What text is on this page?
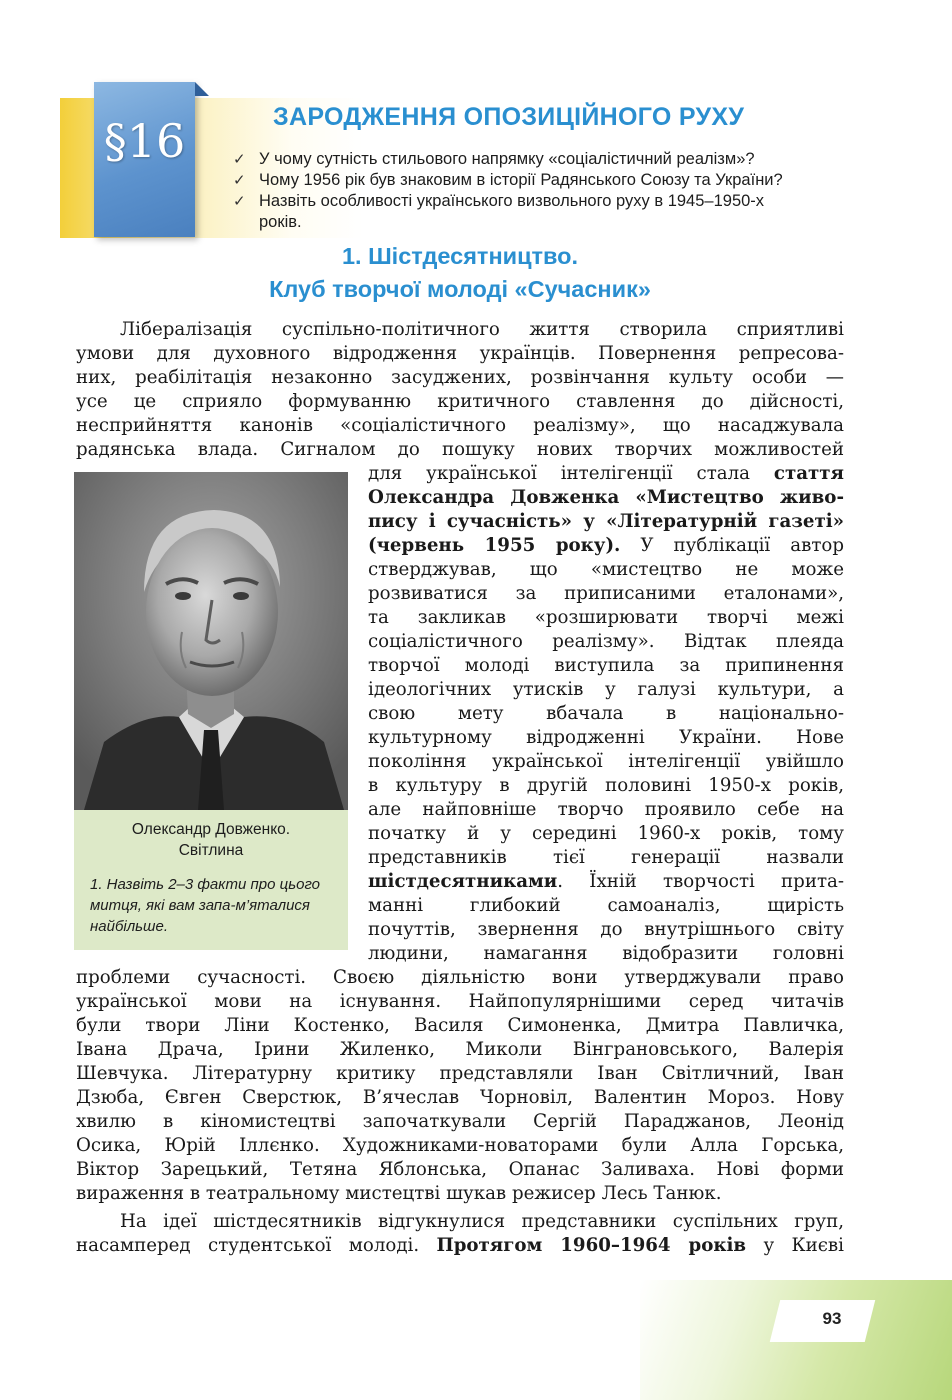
§16	ЗАРОДЖЕННЯ ОПОЗИЦІЙНОГО РУХУ
✓ У чому сутність стильового напрямку «соціалістичний реалізм»?
✓ Чому 1956 рік був знаковим в історії Радянського Союзу та України?
✓ Назвіть особливості українського визвольного руху в 1945–1950-х
років.
1. Шістдесятництво.
Клуб творчої молоді «Сучасник»
Лібералізація суспільно-політичного життя створила сприятливі
умови для духовного відродження українців. Повернення репресова-
них, реабілітація незаконно засуджених, розвінчання культу особи —
усе це сприяло формуванню критичного ставлення до дійсності,
несприйняття канонів «соціалістичного реалізму», що насаджувала
радянська влада. Сигналом до пошуку нових творчих можливостей
для української інтелігенції стала стаття
Олександра Довженка «Мистецтво живо-
пису і сучасність» у «Літературній газеті»
(червень 1955 року). У публікації автор
стверджував, що «мистецтво не може
розвиватися за приписаними еталонами»,
та закликав «розширювати творчі межі
соціалістичного реалізму». Відтак плеяда
творчої молоді виступила за припинення
ідеологічних утисків у галузі культури, а
свою мету вбачала в національно-
культурному відродженні України. Нове
покоління української інтелігенції увійшло
в культуру в другій половині 1950-х років,
але найповніше творчо проявило себе на
початку й у середині 1960-х років, тому
представників тієї генерації назвали
шістдесятниками. Їхній творчості прита-
манні глибокий самоаналіз, щирість
почуттів, звернення до внутрішнього світу
людини, намагання відобразити головні
проблеми сучасності. Своєю діяльністю вони утверджували право
української мови на існування. Найпопулярнішими серед читачів
були твори Ліни Костенко, Василя Симоненка, Дмитра Павличка,
Івана Драча, Ірини Жиленко, Миколи Вінграновського, Валерія
Шевчука. Літературну критику представляли Іван Світличний, Іван
Дзюба, Євген Сверстюк, В’ячеслав Чорновіл, Валентин Мороз. Нову
хвилю в кіномистецтві започаткували Сергій Параджанов, Леонід
Осика, Юрій Іллєнко. Художниками-новаторами були Алла Горська,
Віктор Зарецький, Тетяна Яблонська, Опанас Заливаха. Нові форми
вираження в театральному мистецтві шукав режисер Лесь Танюк.
На ідеї шістдесятників відгукнулися представники суспільних груп,
насамперед студентської молоді. Протягом 1960–1964 років у Києві
Олександр Довженко.
Світлина
1. Назвіть 2–3 факти про цього митця, які вам запа-м’яталися найбільше.
93
